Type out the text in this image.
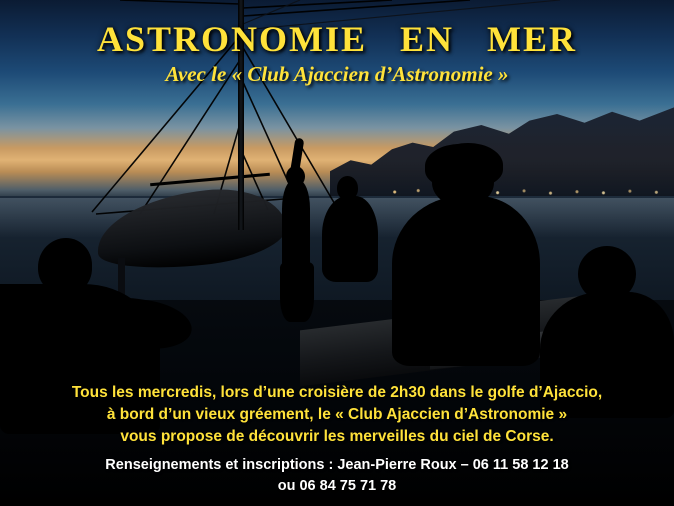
ASTRONOMIE   EN   MER
Avec le « Club Ajaccien d’Astronomie »
Tous les mercredis, lors d’une croisière de 2h30 dans le golfe d’Ajaccio,
à bord d’un vieux gréement, le « Club Ajaccien d’Astronomie »
vous propose de découvrir les merveilles du ciel de Corse.
Renseignements et inscriptions : Jean-Pierre Roux – 06 11 58 12 18
ou 06 84 75 71 78
